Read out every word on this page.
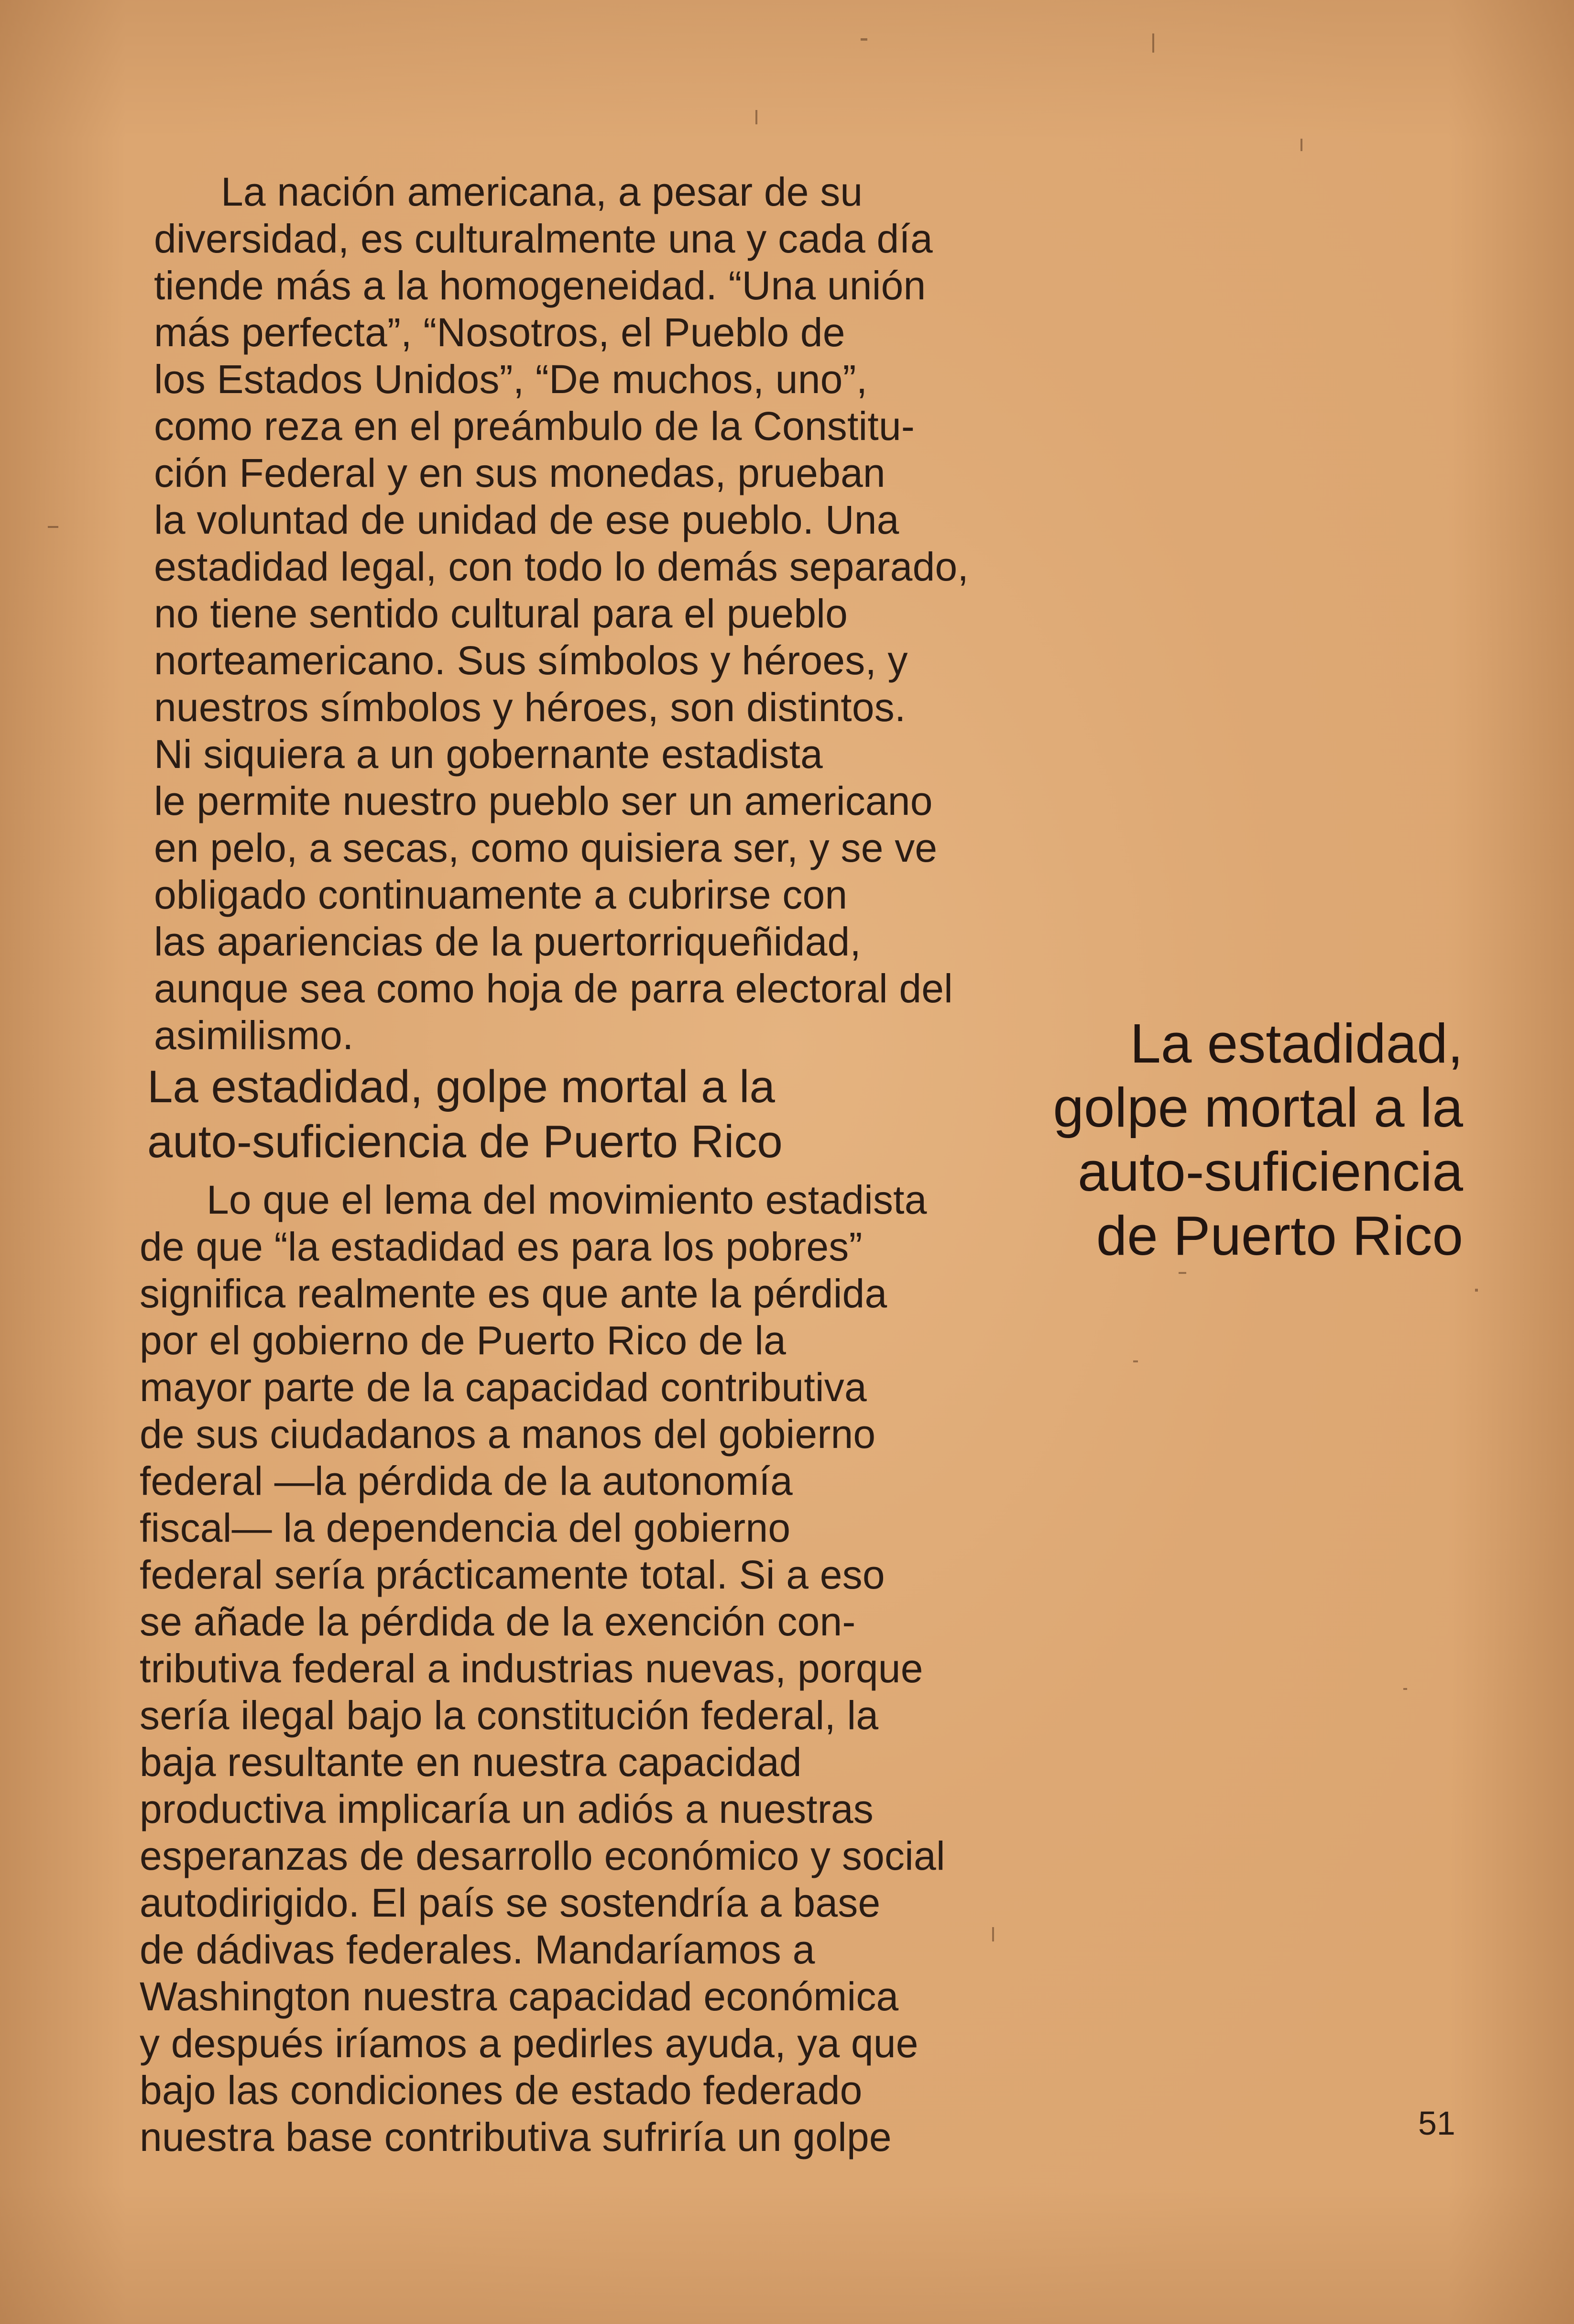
La nación americana, a pesar de su
diversidad, es culturalmente una y cada día
tiende más a la homogeneidad. “Una unión
más perfecta”, “Nosotros, el Pueblo de
los Estados Unidos”, “De muchos, uno”,
como reza en el preámbulo de la Constitu-
ción Federal y en sus monedas, prueban
la voluntad de unidad de ese pueblo. Una
estadidad legal, con todo lo demás separado,
no tiene sentido cultural para el pueblo
norteamericano. Sus símbolos y héroes, y
nuestros símbolos y héroes, son distintos.
Ni siquiera a un gobernante estadista
le permite nuestro pueblo ser un americano
en pelo, a secas, como quisiera ser, y se ve
obligado continuamente a cubrirse con
las apariencias de la puertorriqueñidad,
aunque sea como hoja de parra electoral del
asimilismo.
La estadidad, golpe mortal a la
auto-suficiencia de Puerto Rico
Lo que el lema del movimiento estadista
de que “la estadidad es para los pobres”
significa realmente es que ante la pérdida
por el gobierno de Puerto Rico de la
mayor parte de la capacidad contributiva
de sus ciudadanos a manos del gobierno
federal —la pérdida de la autonomía
fiscal— la dependencia del gobierno
federal sería prácticamente total. Si a eso
se añade la pérdida de la exención con-
tributiva federal a industrias nuevas, porque
sería ilegal bajo la constitución federal, la
baja resultante en nuestra capacidad
productiva implicaría un adiós a nuestras
esperanzas de desarrollo económico y social
autodirigido. El país se sostendría a base
de dádivas federales. Mandaríamos a
Washington nuestra capacidad económica
y después iríamos a pedirles ayuda, ya que
bajo las condiciones de estado federado
nuestra base contributiva sufriría un golpe
La estadidad,
golpe mortal a la
auto-suficiencia
de Puerto Rico
51
